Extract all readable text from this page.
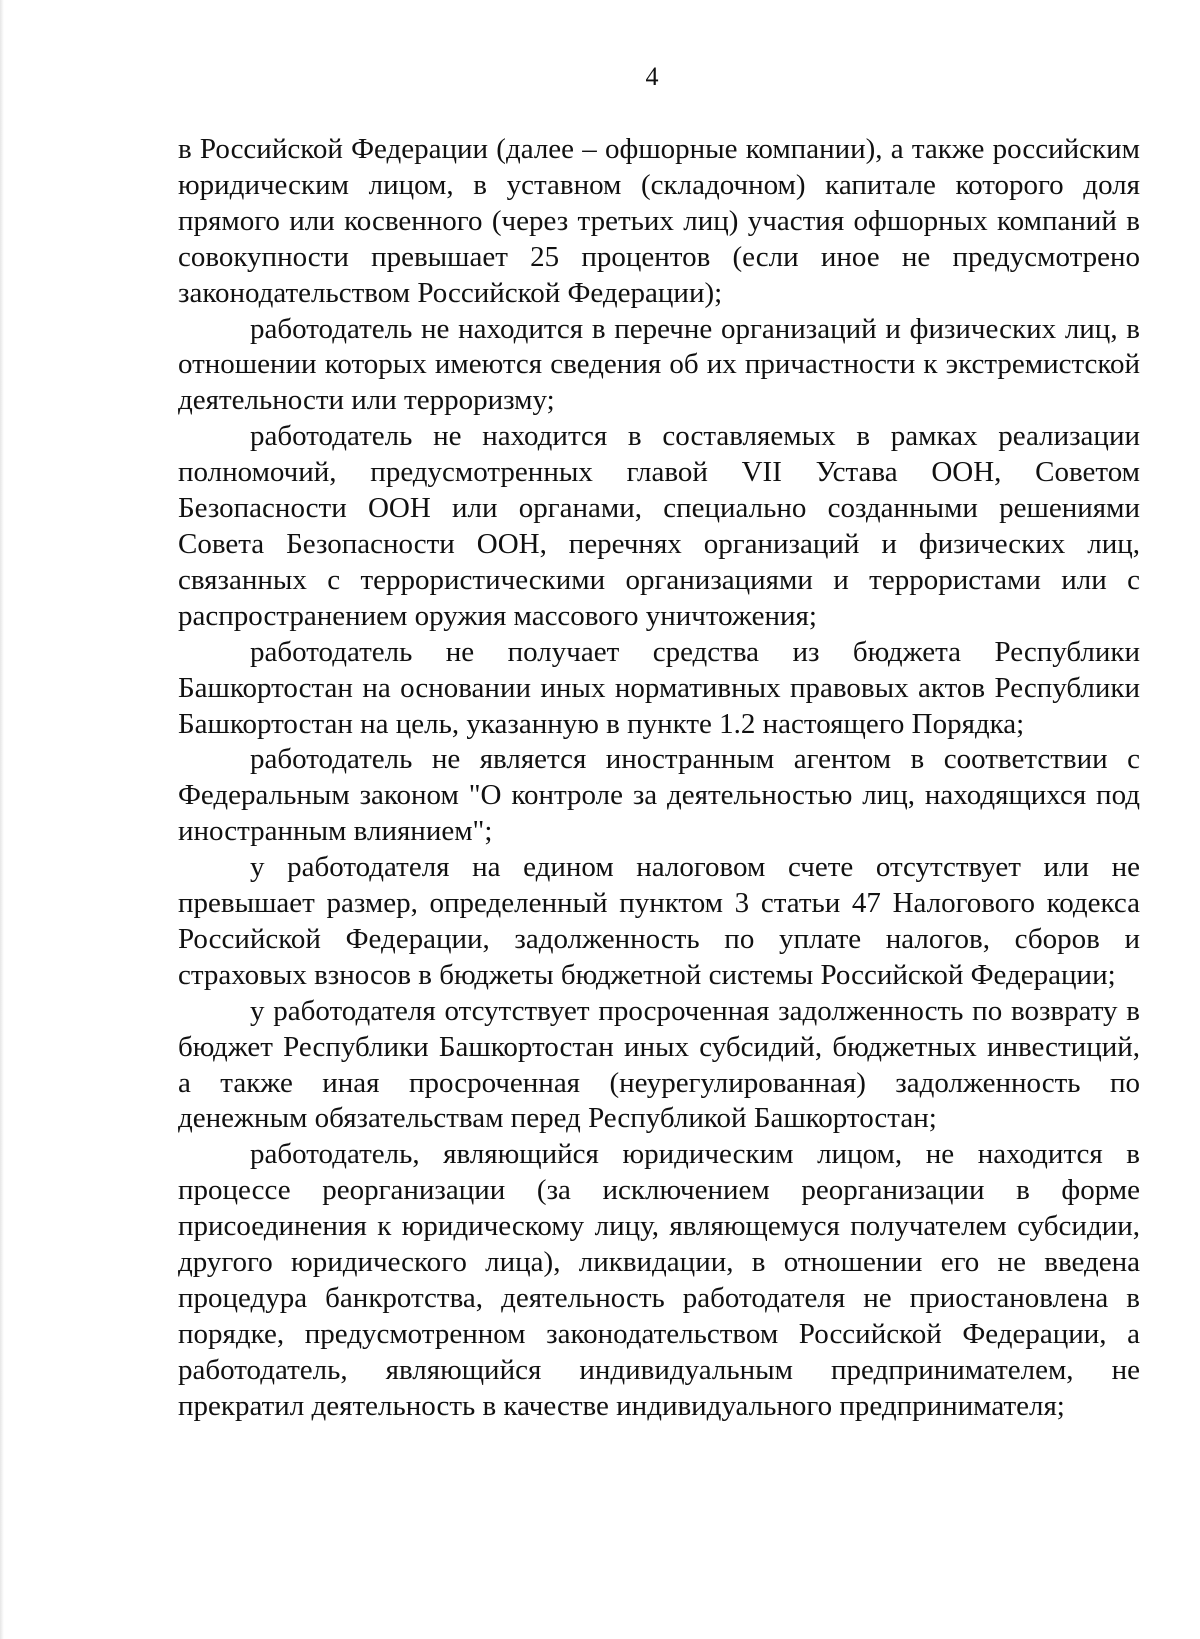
4

в Российской Федерации (далее – офшорные компании), а также российским юридическим лицом, в уставном (складочном) капитале которого доля прямого или косвенного (через третьих лиц) участия офшорных компаний в совокупности превышает 25 процентов (если иное не предусмотрено законодательством Российской Федерации);

работодатель не находится в перечне организаций и физических лиц, в отношении которых имеются сведения об их причастности к экстремистской деятельности или терроризму;

работодатель не находится в составляемых в рамках реализации полномочий, предусмотренных главой VII Устава ООН, Советом Безопасности ООН или органами, специально созданными решениями Совета Безопасности ООН, перечнях организаций и физических лиц, связанных с террористическими организациями и террористами или с распространением оружия массового уничтожения;

работодатель не получает средства из бюджета Республики Башкортостан на основании иных нормативных правовых актов Республики Башкортостан на цель, указанную в пункте 1.2 настоящего Порядка;

работодатель не является иностранным агентом в соответствии с Федеральным законом "О контроле за деятельностью лиц, находящихся под иностранным влиянием";

у работодателя на едином налоговом счете отсутствует или не превышает размер, определенный пунктом 3 статьи 47 Налогового кодекса Российской Федерации, задолженность по уплате налогов, сборов и страховых взносов в бюджеты бюджетной системы Российской Федерации;

у работодателя отсутствует просроченная задолженность по возврату в бюджет Республики Башкортостан иных субсидий, бюджетных инвестиций, а также иная просроченная (неурегулированная) задолженность по денежным обязательствам перед Республикой Башкортостан;

работодатель, являющийся юридическим лицом, не находится в процессе реорганизации (за исключением реорганизации в форме присоединения к юридическому лицу, являющемуся получателем субсидии, другого юридического лица), ликвидации, в отношении его не введена процедура банкротства, деятельность работодателя не приостановлена в порядке, предусмотренном законодательством Российской Федерации, а работодатель, являющийся индивидуальным предпринимателем, не прекратил деятельность в качестве индивидуального предпринимателя;
